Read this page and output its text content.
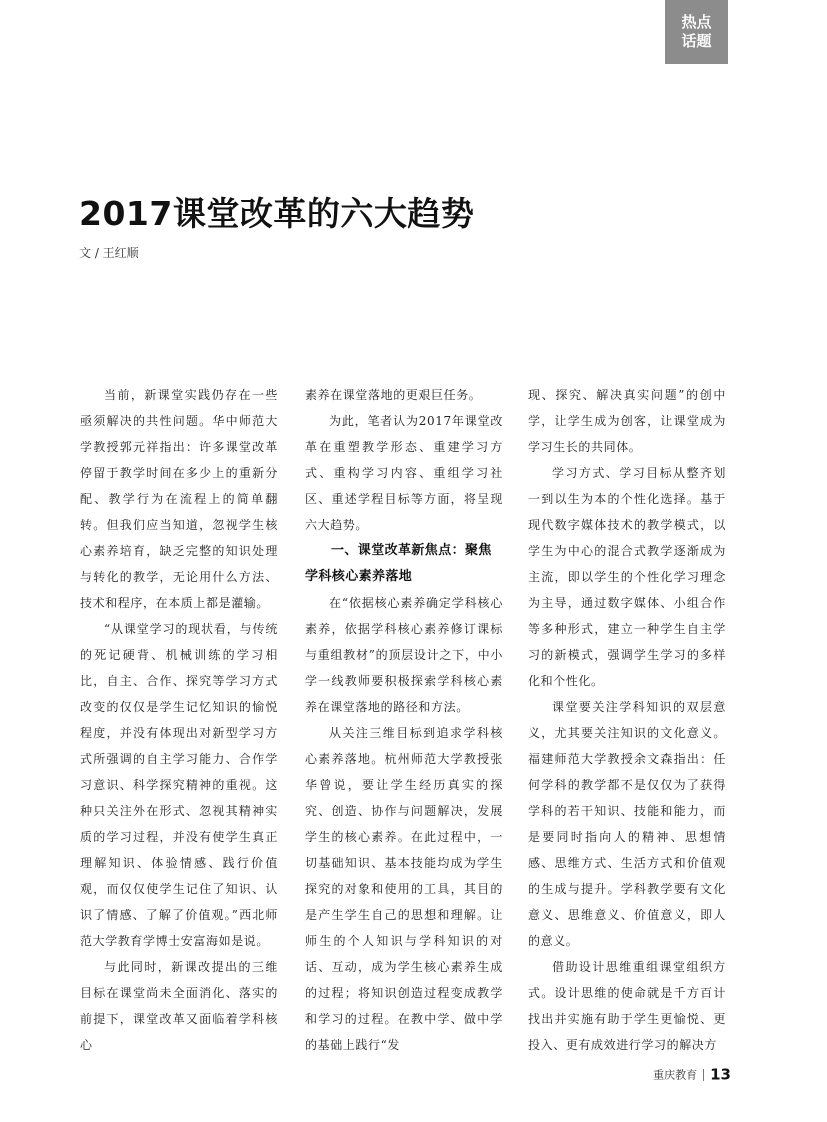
热点
话题
2017课堂改革的六大趋势
文 / 王红顺

当前，新课堂实践仍存在一些亟须解决的共性问题。华中师范大学教授郭元祥指出：许多课堂改革停留于教学时间在多少上的重新分配、教学行为在流程上的简单翻转。但我们应当知道，忽视学生核心素养培育，缺乏完整的知识处理与转化的教学，无论用什么方法、技术和程序，在本质上都是灌输。

“从课堂学习的现状看，与传统的死记硬背、机械训练的学习相比，自主、合作、探究等学习方式改变的仅仅是学生记忆知识的愉悦程度，并没有体现出对新型学习方式所强调的自主学习能力、合作学习意识、科学探究精神的重视。这种只关注外在形式、忽视其精神实质的学习过程，并没有使学生真正理解知识、体验情感、践行价值观，而仅仅使学生记住了知识、认识了情感、了解了价值观。”西北师范大学教育学博士安富海如是说。

与此同时，新课改提出的三维目标在课堂尚未全面消化、落实的前提下，课堂改革又面临着学科核心

素养在课堂落地的更艰巨任务。

为此，笔者认为2017年课堂改革在重塑教学形态、重建学习方式、重构学习内容、重组学习社区、重述学程目标等方面，将呈现六大趋势。

一、课堂改革新焦点：聚焦学科核心素养落地

在“依据核心素养确定学科核心素养，依据学科核心素养修订课标与重组教材”的顶层设计之下，中小学一线教师要积极探索学科核心素养在课堂落地的路径和方法。

从关注三维目标到追求学科核心素养落地。杭州师范大学教授张华曾说，要让学生经历真实的探究、创造、协作与问题解决，发展学生的核心素养。在此过程中，一切基础知识、基本技能均成为学生探究的对象和使用的工具，其目的是产生学生自己的思想和理解。让师生的个人知识与学科知识的对话、互动，成为学生核心素养生成的过程；将知识创造过程变成教学和学习的过程。在教中学、做中学的基础上践行“发

现、探究、解决真实问题”的创中学，让学生成为创客，让课堂成为学习生长的共同体。

学习方式、学习目标从整齐划一到以生为本的个性化选择。基于现代数字媒体技术的教学模式，以学生为中心的混合式教学逐渐成为主流，即以学生的个性化学习理念为主导，通过数字媒体、小组合作等多种形式，建立一种学生自主学习的新模式，强调学生学习的多样化和个性化。

课堂要关注学科知识的双层意义，尤其要关注知识的文化意义。福建师范大学教授余文森指出：任何学科的教学都不是仅仅为了获得学科的若干知识、技能和能力，而是要同时指向人的精神、思想情感、思维方式、生活方式和价值观的生成与提升。学科教学要有文化意义、思维意义、价值意义，即人的意义。

借助设计思维重组课堂组织方式。设计思维的使命就是千方百计找出并实施有助于学生更愉悦、更投入、更有成效进行学习的解决方

重庆教育 13
